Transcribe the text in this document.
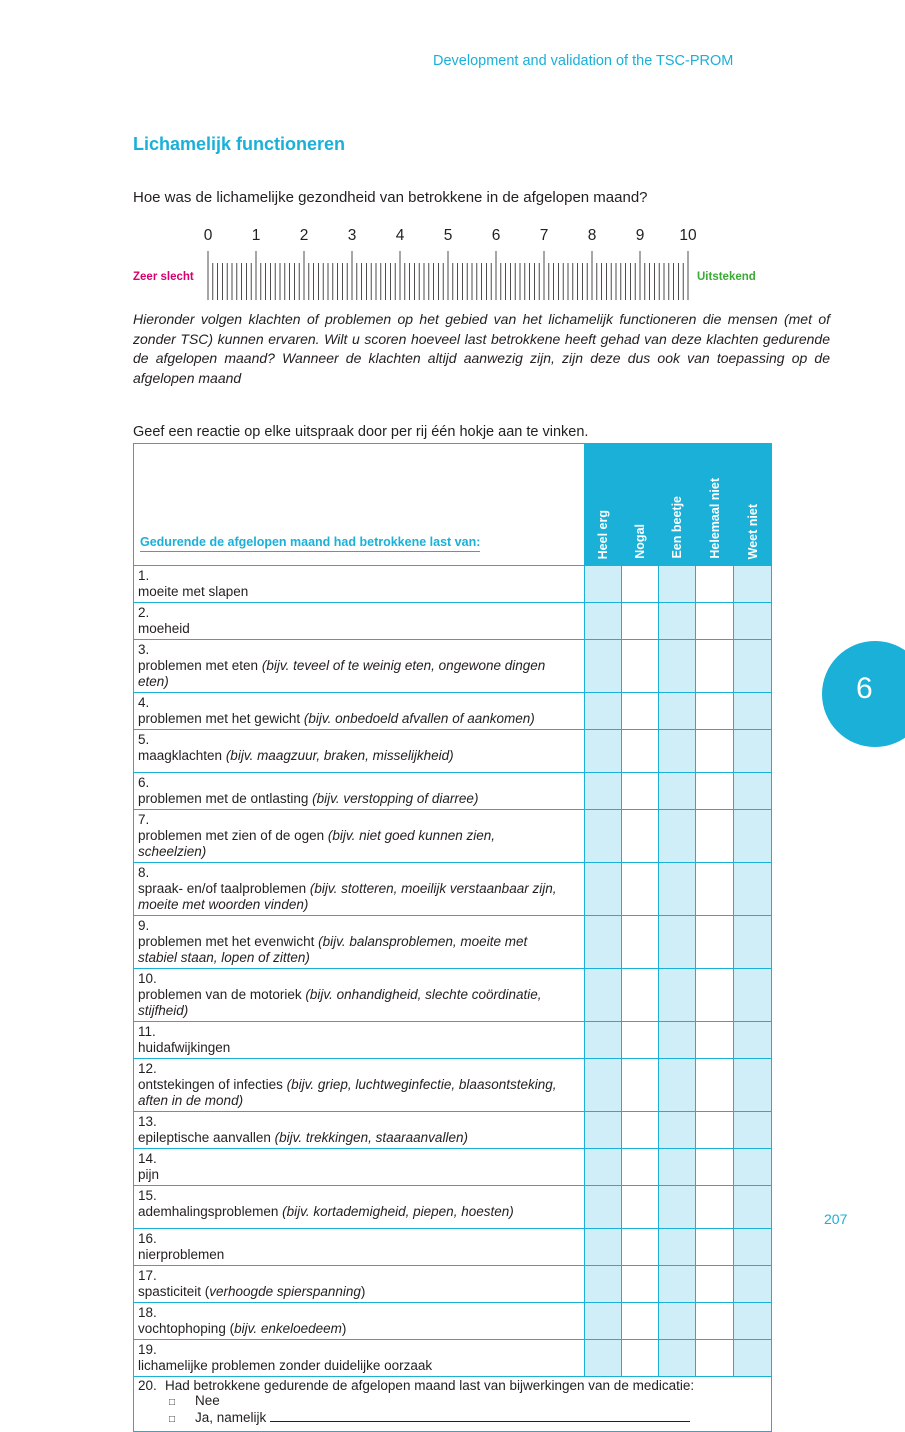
Development and validation of the TSC-PROM
Lichamelijk functioneren
Hoe was de lichamelijke gezondheid van betrokkene in de afgelopen maand?
0	1	2	3	4	5	6	7	8	9 10
Zeer slecht	Uitstekend
Hieronder volgen klachten of problemen op het gebied van het lichamelijk functioneren die mensen (met of zonder TSC) kunnen ervaren. Wilt u scoren hoeveel last betrokkene heeft gehad van deze klachten gedurende de afgelopen maand? Wanneer de klachten altijd aanwezig zijn, zijn deze dus ook van toepassing op de afgelopen maand
Geef een reactie op elke uitspraak door per rij één hokje aan te vinken.
Gedurende de afgelopen maand had betrokkene last van:	Heel erg	Nogal	Een beetje	Helemaal niet	Weet niet

1.moeite met slapen					
2.moeheid					
3.problemen met eten (bijv. teveel of te weinig eten, ongewone dingen eten)					
4.problemen met het gewicht (bijv. onbedoeld afvallen of aankomen)					
5.maagklachten (bijv. maagzuur, braken, misselijkheid)					
6.problemen met de ontlasting (bijv. verstopping of diarree)					
7.problemen met zien of de ogen (bijv. niet goed kunnen zien, scheelzien)					
8.spraak- en/of taalproblemen (bijv. stotteren, moeilijk verstaanbaar zijn, moeite met woorden vinden)					
9.problemen met het evenwicht (bijv. balansproblemen, moeite met stabiel staan, lopen of zitten)					
10.problemen van de motoriek (bijv. onhandigheid, slechte coördinatie, stijfheid)					
11.huidafwijkingen					
12.ontstekingen of infecties (bijv. griep, luchtweginfectie, blaasontsteking, aften in de mond)					
13.epileptische aanvallen (bijv. trekkingen, staaraanvallen)					
14.pijn					
15.ademhalingsproblemen (bijv. kortademigheid, piepen, hoesten)					
16.nierproblemen					
17.spasticiteit (verhoogde spierspanning)					
18.vochtophoping (bijv. enkeloedeem)					
19.lichamelijke problemen zonder duidelijke oorzaak					

20. Had betrokkene gedurende de afgelopen maand last van bijwerkingen van de medicatie:
□ Nee
□ Ja, namelijk					
6
207
